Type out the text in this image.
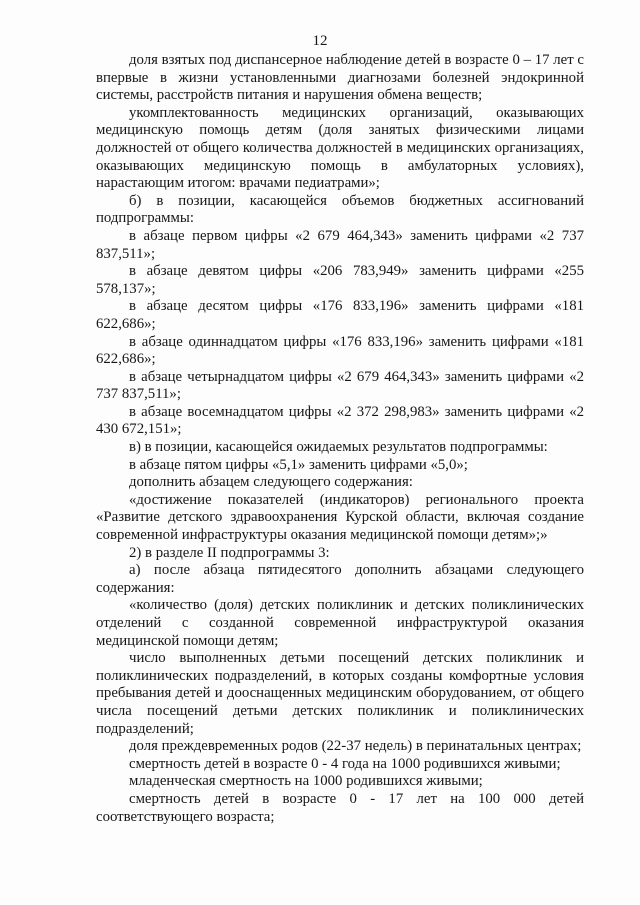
12

доля взятых под диспансерное наблюдение детей в возрасте 0 – 17 лет с впервые в жизни установленными диагнозами болезней эндокринной системы, расстройств питания и нарушения обмена веществ;

укомплектованность медицинских организаций, оказывающих медицинскую помощь детям (доля занятых физическими лицами должностей от общего количества должностей в медицинских организациях, оказывающих медицинскую помощь в амбулаторных условиях), нарастающим итогом: врачами педиатрами»;

б) в позиции, касающейся объемов бюджетных ассигнований подпрограммы:

в абзаце первом цифры «2 679 464,343» заменить цифрами «2 737 837,511»;

в абзаце девятом цифры «206 783,949» заменить цифрами «255 578,137»;

в абзаце десятом цифры «176 833,196» заменить цифрами «181 622,686»;

в абзаце одиннадцатом цифры «176 833,196» заменить цифрами «181 622,686»;

в абзаце четырнадцатом цифры «2 679 464,343» заменить цифрами «2 737 837,511»;

в абзаце восемнадцатом цифры «2 372 298,983» заменить цифрами «2 430 672,151»;

в) в позиции, касающейся ожидаемых результатов подпрограммы:

в абзаце пятом цифры «5,1» заменить цифрами «5,0»;

дополнить абзацем следующего содержания:

«достижение показателей (индикаторов) регионального проекта «Развитие детского здравоохранения Курской области, включая создание современной инфраструктуры оказания медицинской помощи детям»;»

2) в разделе II подпрограммы 3:

а) после абзаца пятидесятого дополнить абзацами следующего содержания:

«количество (доля) детских поликлиник и детских поликлинических отделений с созданной современной инфраструктурой оказания медицинской помощи детям;

число выполненных детьми посещений детских поликлиник и поликлинических подразделений, в которых созданы комфортные условия пребывания детей и дооснащенных медицинским оборудованием, от общего числа посещений детьми детских поликлиник и поликлинических подразделений;

доля преждевременных родов (22-37 недель) в перинатальных центрах;

смертность детей в возрасте 0 - 4 года на 1000 родившихся живыми;

младенческая смертность на 1000 родившихся живыми;

смертность детей в возрасте 0 - 17 лет на 100 000 детей соответствующего возраста;
